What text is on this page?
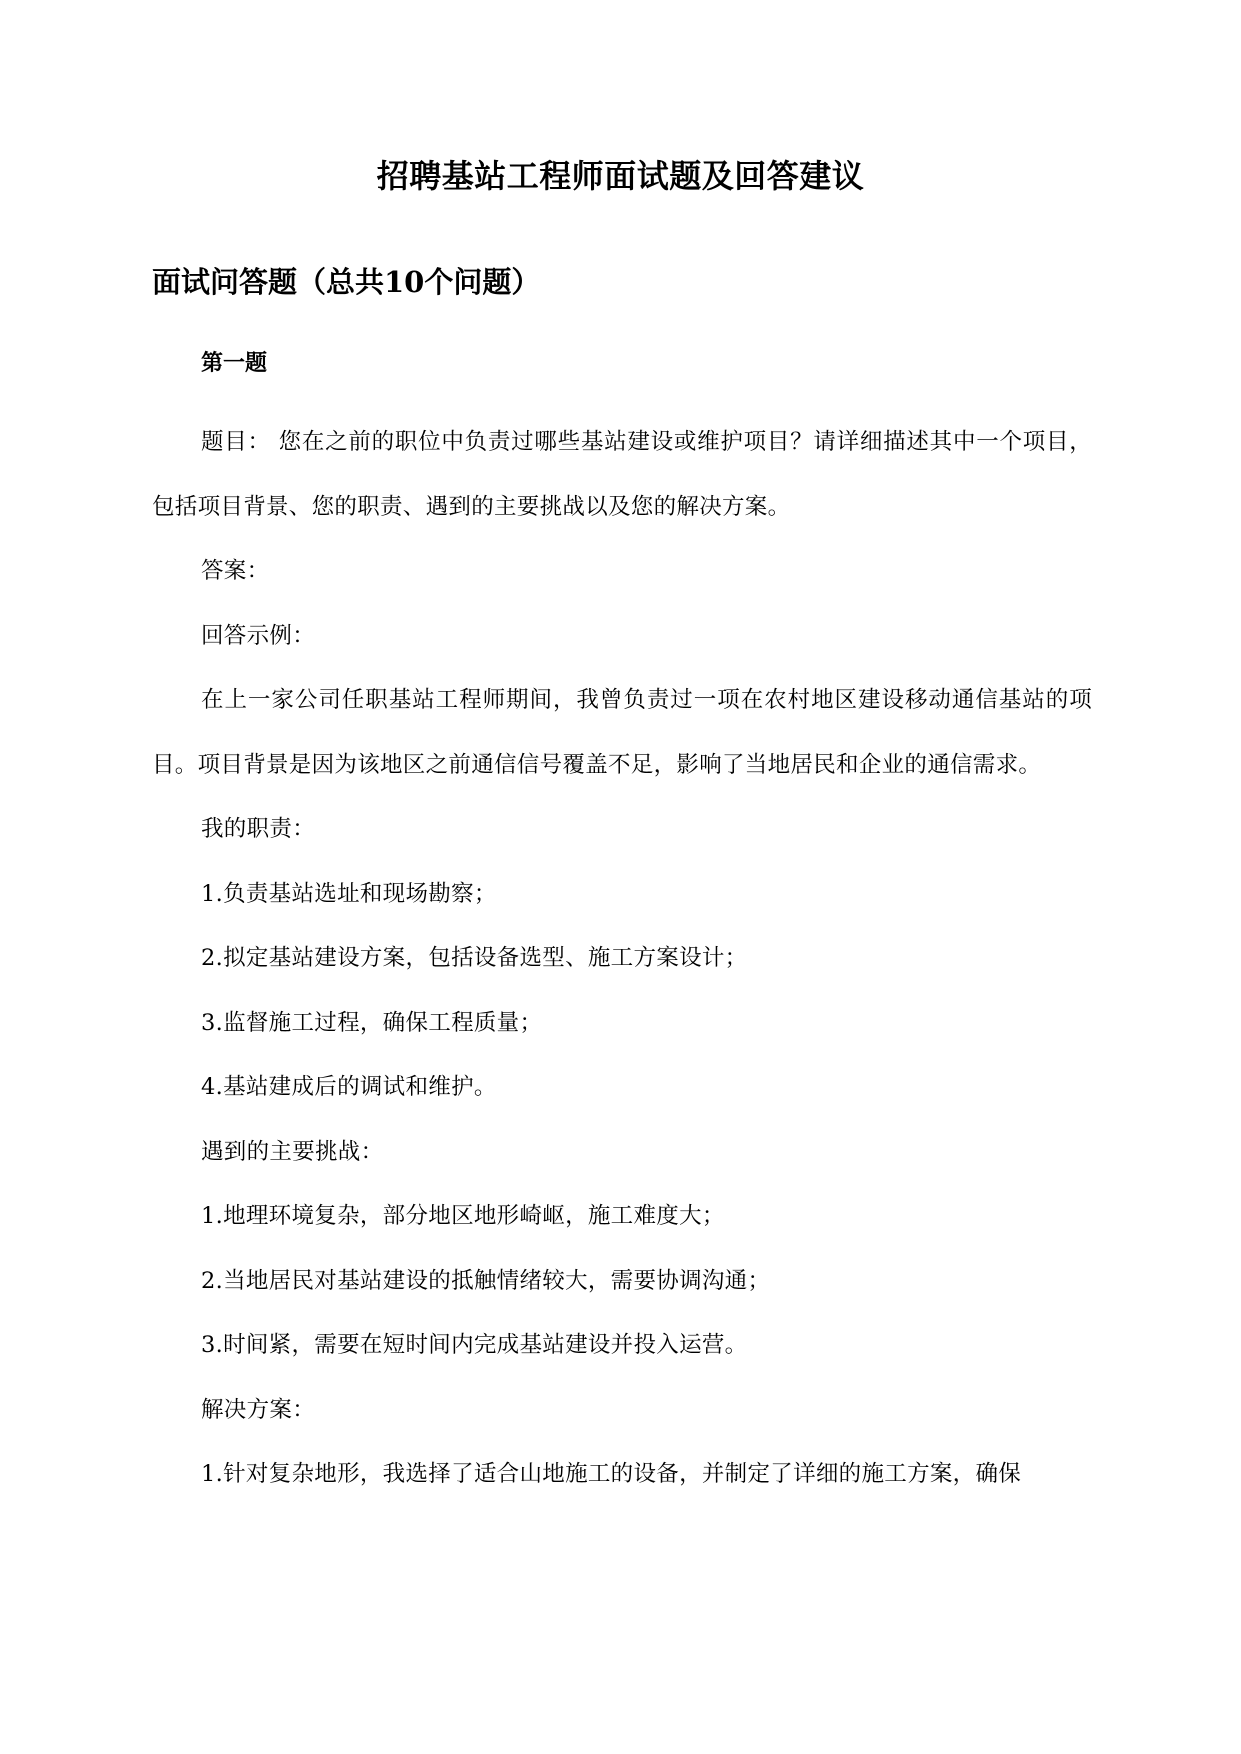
招聘基站工程师面试题及回答建议
面试问答题（总共10个问题）
第一题

题目： 您在之前的职位中负责过哪些基站建设或维护项目？请详细描述其中一个项目，包括项目背景、您的职责、遇到的主要挑战以及您的解决方案。

答案：

回答示例：

在上一家公司任职基站工程师期间，我曾负责过一项在农村地区建设移动通信基站的项目。项目背景是因为该地区之前通信信号覆盖不足，影响了当地居民和企业的通信需求。

我的职责：

1.负责基站选址和现场勘察；

2.拟定基站建设方案，包括设备选型、施工方案设计；

3.监督施工过程，确保工程质量；

4.基站建成后的调试和维护。

遇到的主要挑战：

1.地理环境复杂，部分地区地形崎岖，施工难度大；

2.当地居民对基站建设的抵触情绪较大，需要协调沟通；

3.时间紧，需要在短时间内完成基站建设并投入运营。

解决方案：

1.针对复杂地形，我选择了适合山地施工的设备，并制定了详细的施工方案，确保
